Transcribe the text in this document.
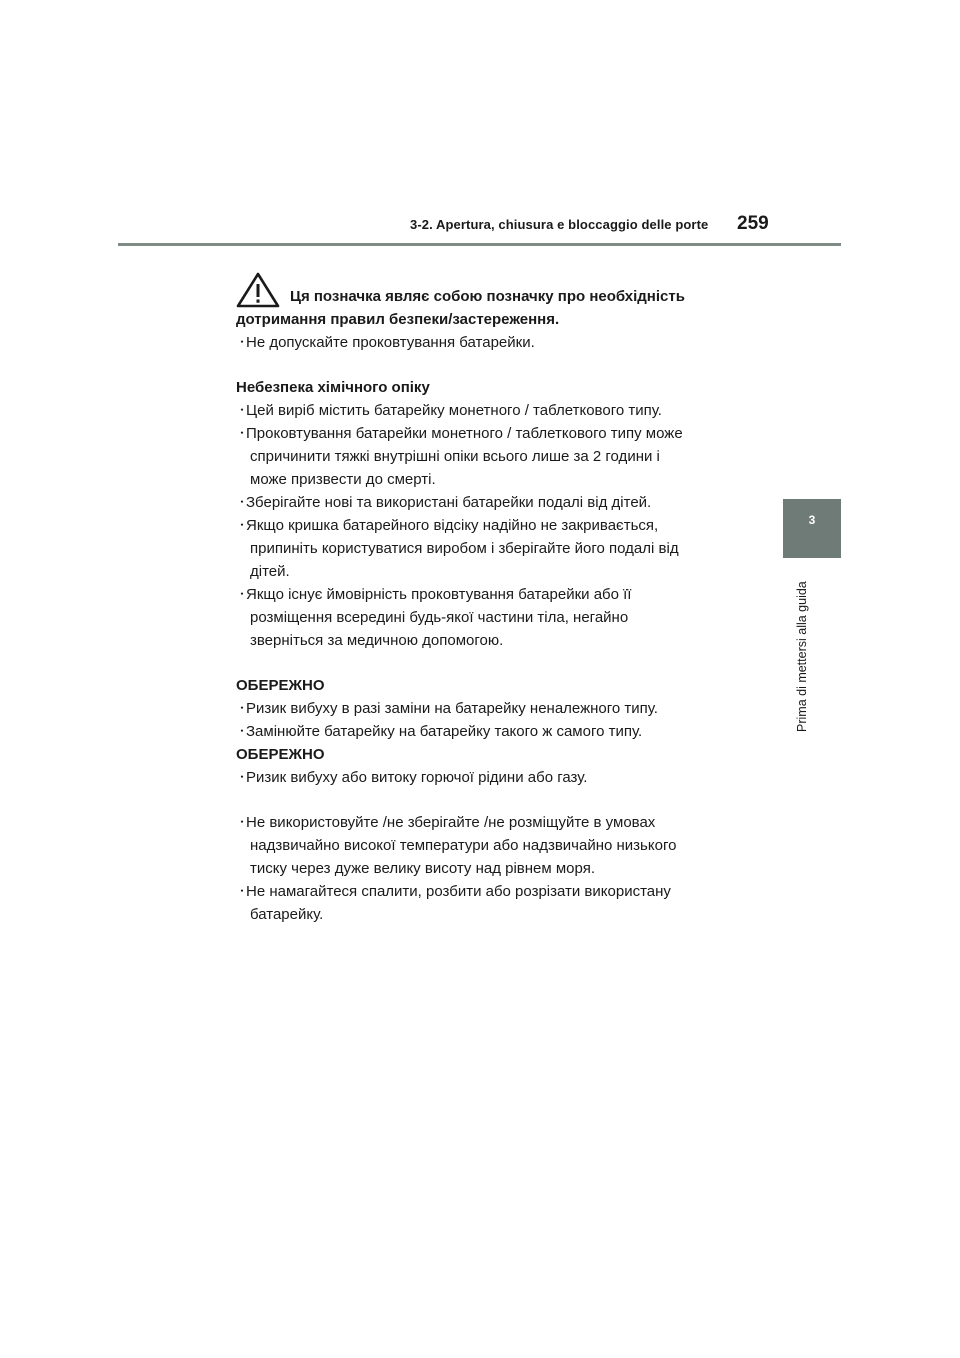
3-2. Apertura, chiusura e bloccaggio delle porte 259
3
Prima di mettersi alla guida
Ця позначка являє собою позначку про необхідність
дотримання правил безпеки/застереження.
・
Не допускайте проковтування батарейки.
Небезпека хімічного опіку
・
Цей виріб містить батарейку монетного / таблеткового типу.
・
Проковтування батарейки монетного / таблеткового типу може
спричинити тяжкі внутрішні опіки всього лише за 2 години і
може призвести до смерті.
・
Зберігайте нові та використані батарейки подалі від дітей.
・
Якщо кришка батарейного відсіку надійно не закривається,
припиніть користуватися виробом і зберігайте його подалі від
дітей.
・
Якщо існує ймовірність проковтування батарейки або її
розміщення всередині будь-якої частини тіла, негайно
зверніться за медичною допомогою.
ОБЕРЕЖНО
・
Ризик вибуху в разі заміни на батарейку неналежного типу.
・
Замінюйте батарейку на батарейку такого ж самого типу.
ОБЕРЕЖНО
・
Ризик вибуху або витоку горючої рідини або газу.
・
Не використовуйте /не зберігайте /не розміщуйте в умовах
надзвичайно високої температури або надзвичайно низького
тиску через дуже велику висоту над рівнем моря.
・
Не намагайтеся спалити, розбити або розрізати використану
батарейку.
